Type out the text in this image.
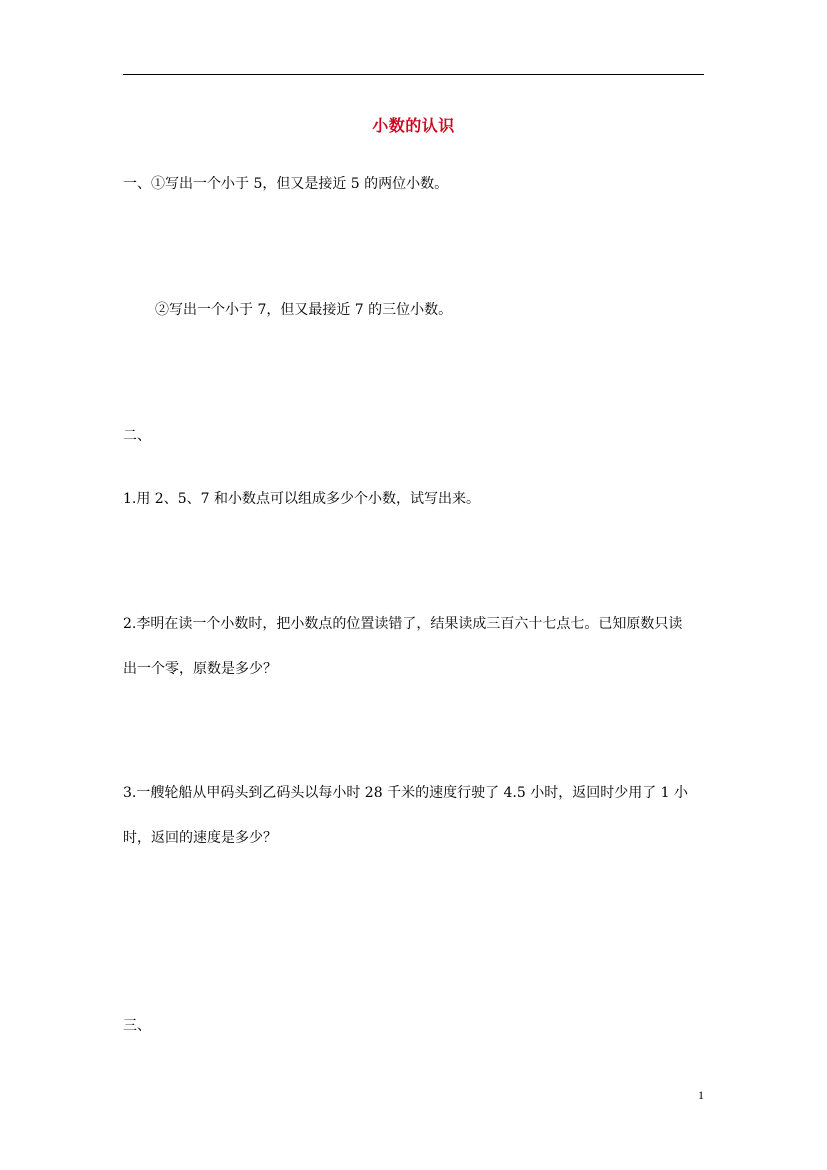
小数的认识
一、①写出一个小于 5，但又是接近 5 的两位小数。
②写出一个小于 7，但又最接近 7 的三位小数。
二、
1.用 2、5、7 和小数点可以组成多少个小数，试写出来。
2.李明在读一个小数时，把小数点的位置读错了，结果读成三百六十七点七。已知原数只读
出一个零，原数是多少？
3.一艘轮船从甲码头到乙码头以每小时 28 千米的速度行驶了 4.5 小时，返回时少用了 1 小
时，返回的速度是多少？
三、
1
